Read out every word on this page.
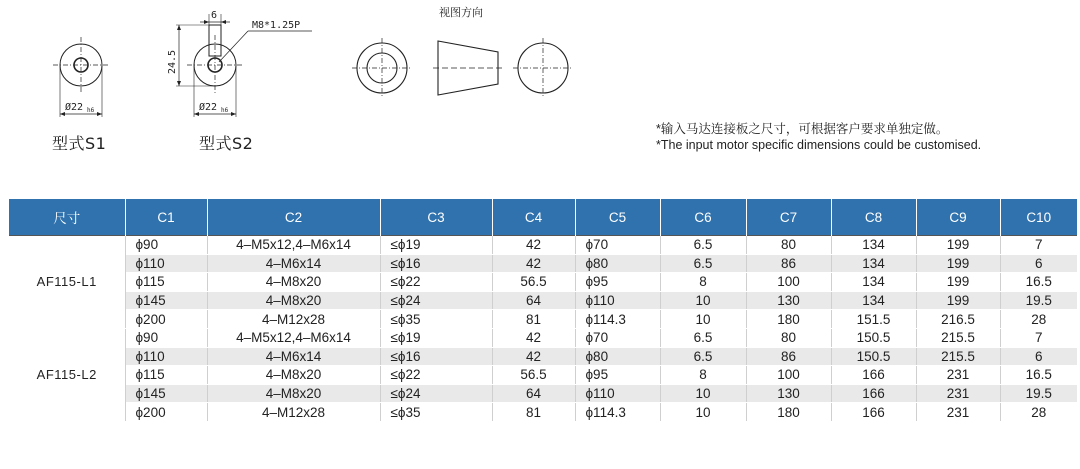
Ø22 h6
6
M8*1.25P
24.5
Ø22 h6
视图方向
型式S1	型式S2
*输入马达连接板之尺寸，可根据客户要求单独定做。
*The input motor specific dimensions could be customised.
尺寸	C1	C2	C3	C4	C5	C6	C7	C8	C9	C10
AF115-L1	ϕ90	4–M5x12,4–M6x14	≤ϕ19	42	ϕ70	6.5	80	134	199	7
	ϕ110	4–M6x14	≤ϕ16	42	ϕ80	6.5	86	134	199	6
	ϕ115	4–M8x20	≤ϕ22	56.5	ϕ95	8	100	134	199	16.5
	ϕ145	4–M8x20	≤ϕ24	64	ϕ110	10	130	134	199	19.5
	ϕ200	4–M12x28	≤ϕ35	81	ϕ114.3	10	180	151.5	216.5	28
AF115-L2	ϕ90	4–M5x12,4–M6x14	≤ϕ19	42	ϕ70	6.5	80	150.5	215.5	7
	ϕ110	4–M6x14	≤ϕ16	42	ϕ80	6.5	86	150.5	215.5	6
	ϕ115	4–M8x20	≤ϕ22	56.5	ϕ95	8	100	166	231	16.5
	ϕ145	4–M8x20	≤ϕ24	64	ϕ110	10	130	166	231	19.5
	ϕ200	4–M12x28	≤ϕ35	81	ϕ114.3	10	180	166	231	28
